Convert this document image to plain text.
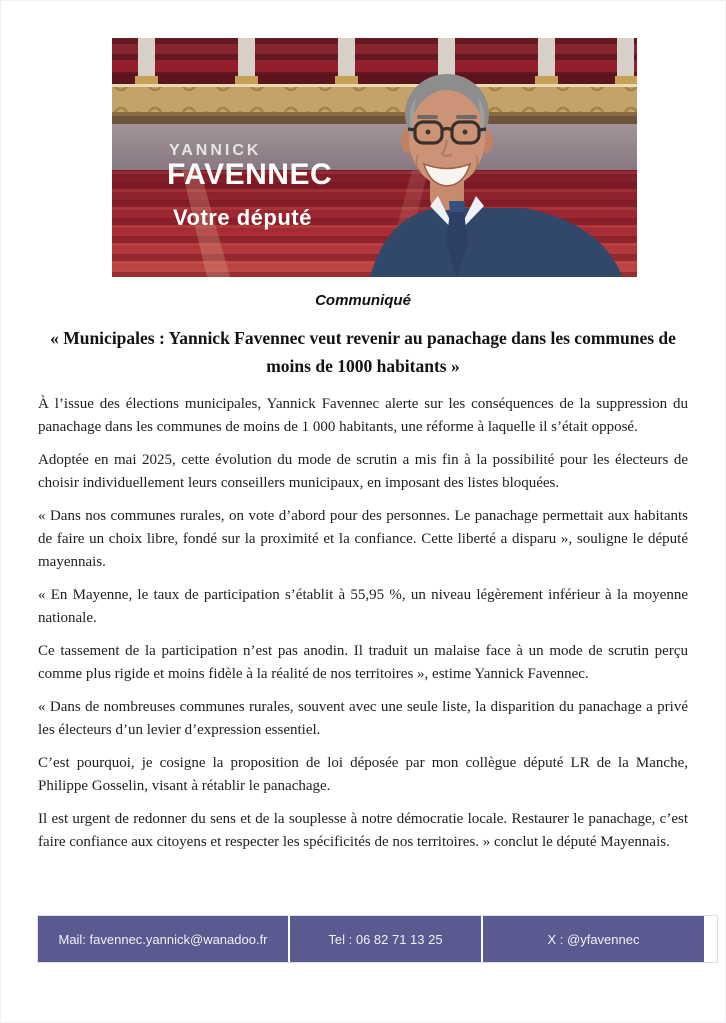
YANNICK
FAVENNEC
Votre député
Communiqué
« Municipales : Yannick Favennec veut revenir au panachage dans les communes de moins de 1000 habitants »

À l’issue des élections municipales, Yannick Favennec alerte sur les conséquences de la suppression du panachage dans les communes de moins de 1 000 habitants, une réforme à laquelle il s’était opposé.

Adoptée en mai 2025, cette évolution du mode de scrutin a mis fin à la possibilité pour les électeurs de choisir individuellement leurs conseillers municipaux, en imposant des listes bloquées.

« Dans nos communes rurales, on vote d’abord pour des personnes. Le panachage permettait aux habitants de faire un choix libre, fondé sur la proximité et la confiance. Cette liberté a disparu », souligne le député mayennais.

« En Mayenne, le taux de participation s’établit à 55,95 %, un niveau légèrement inférieur à la moyenne nationale.

Ce tassement de la participation n’est pas anodin. Il traduit un malaise face à un mode de scrutin perçu comme plus rigide et moins fidèle à la réalité de nos territoires », estime Yannick Favennec.

« Dans de nombreuses communes rurales, souvent avec une seule liste, la disparition du panachage a privé les électeurs d’un levier d’expression essentiel.

C’est pourquoi, je cosigne la proposition de loi déposée par mon collègue député LR de la Manche, Philippe Gosselin, visant à rétablir le panachage.

Il est urgent de redonner du sens et de la souplesse à notre démocratie locale. Restaurer le panachage, c’est faire confiance aux citoyens et respecter les spécificités de nos territoires. » conclut le député Mayennais.

Mail: favennec.yannick@wanadoo.fr	Tel : 06 82 71 13 25	X : @yfavennec
